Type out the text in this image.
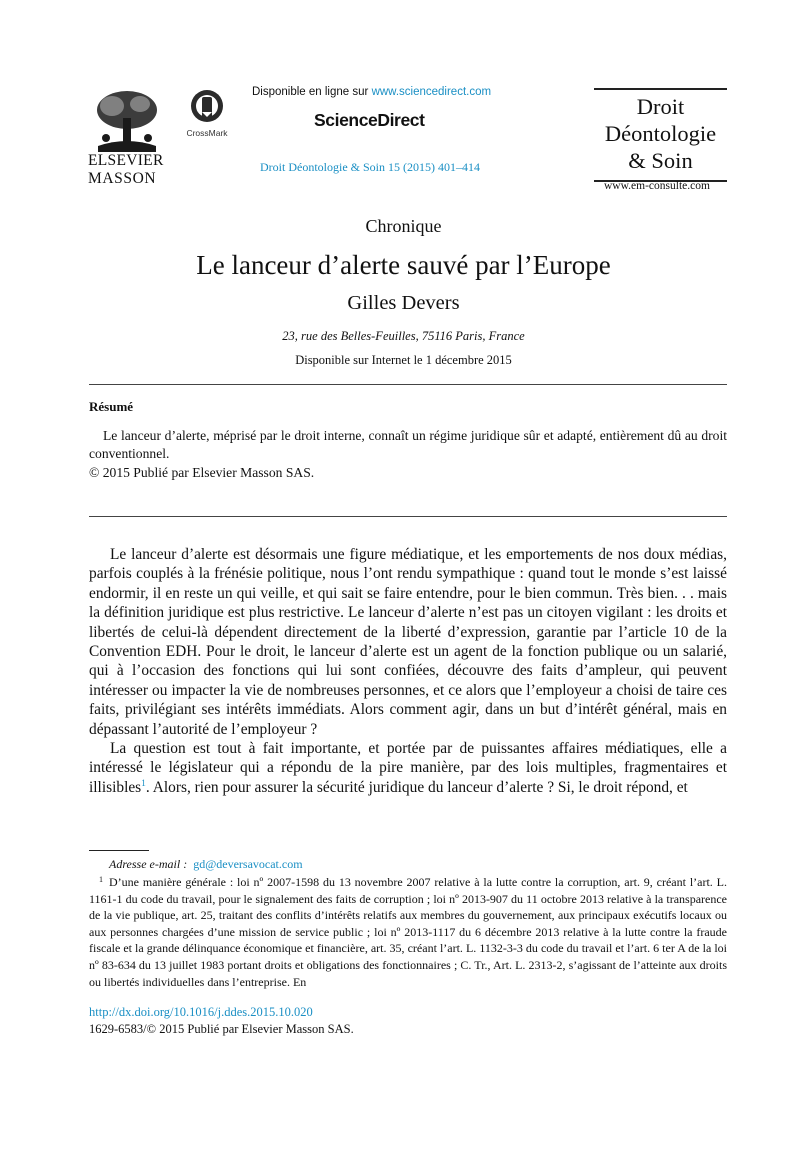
ELSEVIER
MASSON
CrossMark
Disponible en ligne sur www.sciencedirect.com
ScienceDirect
Droit Déontologie & Soin 15 (2015) 401–414
Droit
Déontologie
& Soin
www.em-consulte.com
Chronique
Le lanceur d’alerte sauvé par l’Europe
Gilles Devers
23, rue des Belles-Feuilles, 75116 Paris, France
Disponible sur Internet le 1 décembre 2015
Résumé
Le lanceur d’alerte, méprisé par le droit interne, connaît un régime juridique sûr et adapté, entièrement dû au droit conventionnel.
© 2015 Publié par Elsevier Masson SAS.

Le lanceur d’alerte est désormais une figure médiatique, et les emportements de nos doux médias, parfois couplés à la frénésie politique, nous l’ont rendu sympathique : quand tout le monde s’est laissé endormir, il en reste un qui veille, et qui sait se faire entendre, pour le bien commun. Très bien. . . mais la définition juridique est plus restrictive. Le lanceur d’alerte n’est pas un citoyen vigilant : les droits et libertés de celui-là dépendent directement de la liberté d’expression, garantie par l’article 10 de la Convention EDH. Pour le droit, le lanceur d’alerte est un agent de la fonction publique ou un salarié, qui à l’occasion des fonctions qui lui sont confiées, découvre des faits d’ampleur, qui peuvent intéresser ou impacter la vie de nombreuses personnes, et ce alors que l’employeur a choisi de taire ces faits, privilégiant ses intérêts immédiats. Alors comment agir, dans un but d’intérêt général, mais en dépassant l’autorité de l’employeur ?

La question est tout à fait importante, et portée par de puissantes affaires médiatiques, elle a intéressé le législateur qui a répondu de la pire manière, par des lois multiples, fragmentaires et illisibles$^1$. Alors, rien pour assurer la sécurité juridique du lanceur d’alerte ? Si, le droit répond, et

Adresse e-mail : gd@deversavocat.com
$^1$ D’une manière générale : loi nº 2007-1598 du 13 novembre 2007 relative à la lutte contre la corruption, art. 9, créant l’art. L. 1161-1 du code du travail, pour le signalement des faits de corruption ; loi nº 2013-907 du 11 octobre 2013 relative à la transparence de la vie publique, art. 25, traitant des conflits d’intérêts relatifs aux membres du gouvernement, aux principaux exécutifs locaux ou aux personnes chargées d’une mission de service public ; loi nº 2013-1117 du 6 décembre 2013 relative à la lutte contre la fraude fiscale et la grande délinquance économique et financière, art. 35, créant l’art. L. 1132-3-3 du code du travail et l’art. 6 ter A de la loi nº 83-634 du 13 juillet 1983 portant droits et obligations des fonctionnaires ; C. Tr., Art. L. 2313-2, s’agissant de l’atteinte aux droits ou libertés individuelles dans l’entreprise. En
http://dx.doi.org/10.1016/j.ddes.2015.10.020
1629-6583/© 2015 Publié par Elsevier Masson SAS.
